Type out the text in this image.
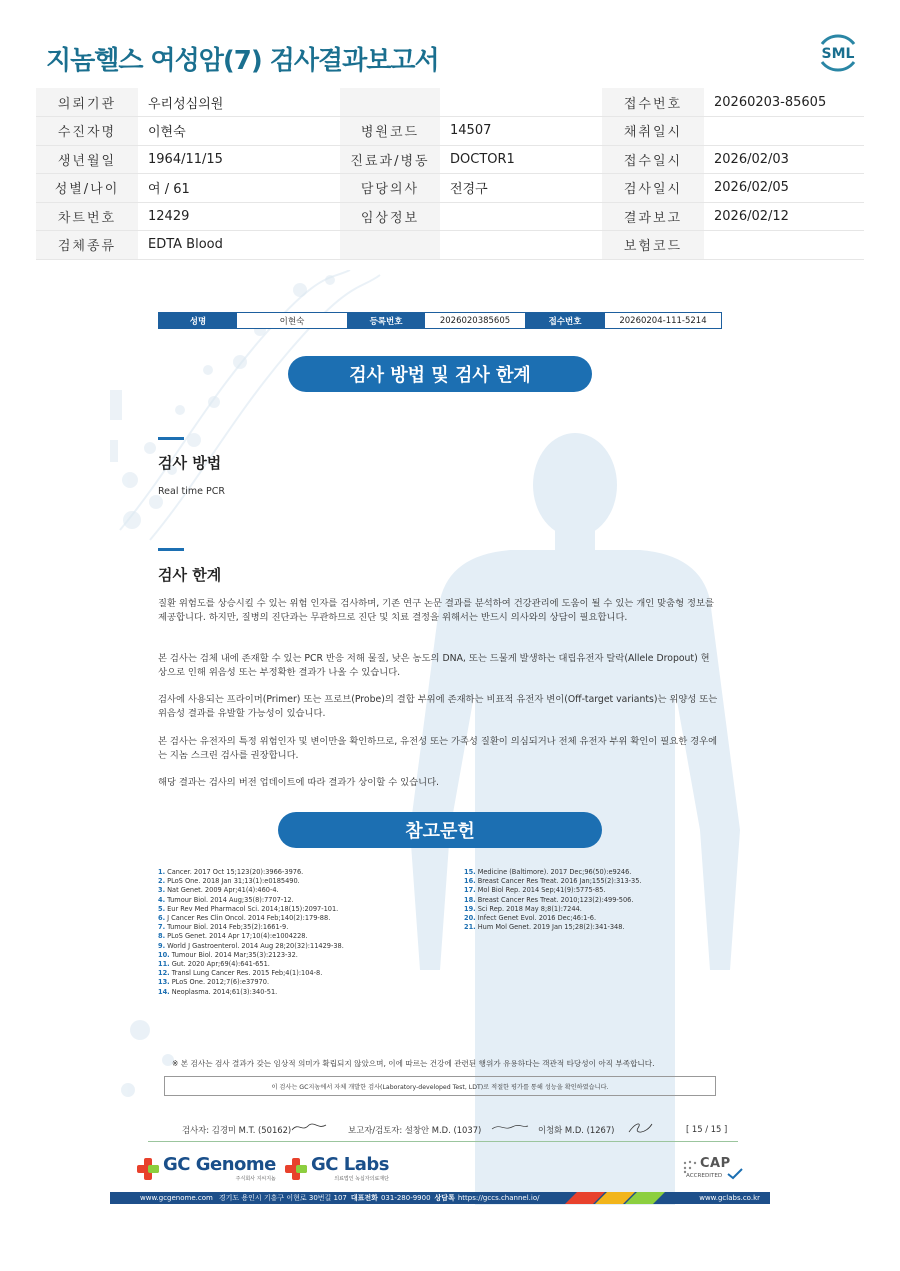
지놈헬스 여성암(7) 검사결과보고서	SML
의뢰기관	우리성심의원			접수번호	20260203-85605
수진자명	이현숙	병원코드	14507	채취일시	
생년월일	1964/11/15	진료과/병동	DOCTOR1	접수일시	2026/02/03
성별/나이	여 / 61	담당의사	전경구	검사일시	2026/02/05
차트번호	12429	임상정보		결과보고	2026/02/12
검체종류	EDTA Blood			보험코드	
성명	이현숙	등록번호	2026020385605	접수번호	20260204-111-5214
검사 방법 및 검사 한계
검사 방법
Real time PCR
검사 한계
질환 위험도를 상승시킬 수 있는 위험 인자를 검사하며, 기존 연구 논문 결과를 분석하여 건강관리에 도움이 될 수 있는 개인 맞춤형 정보를 제공합니다. 하지만, 질병의 진단과는 무관하므로 진단 및 치료 결정을 위해서는 반드시 의사와의 상담이 필요합니다.
본 검사는 검체 내에 존재할 수 있는 PCR 반응 저해 물질, 낮은 농도의 DNA, 또는 드물게 발생하는 대립유전자 탈락(Allele Dropout) 현상으로 인해 위음성 또는 부정확한 결과가 나올 수 있습니다.
검사에 사용되는 프라이머(Primer) 또는 프로브(Probe)의 결합 부위에 존재하는 비표적 유전자 변이(Off-target variants)는 위양성 또는 위음성 결과를 유발할 가능성이 있습니다.
본 검사는 유전자의 특정 위험인자 및 변이만을 확인하므로, 유전성 또는 가족성 질환이 의심되거나 전체 유전자 부위 확인이 필요한 경우에는 지놈 스크린 검사를 권장합니다.
해당 결과는 검사의 버전 업데이트에 따라 결과가 상이할 수 있습니다.
참고문헌
1. Cancer. 2017 Oct 15;123(20):3966-3976.
2. PLoS One. 2018 Jan 31;13(1):e0185490.
3. Nat Genet. 2009 Apr;41(4):460-4.
4. Tumour Biol. 2014 Aug;35(8):7707-12.
5. Eur Rev Med Pharmacol Sci. 2014;18(15):2097-101.
6. J Cancer Res Clin Oncol. 2014 Feb;140(2):179-88.
7. Tumour Biol. 2014 Feb;35(2):1661-9.
8. PLoS Genet. 2014 Apr 17;10(4):e1004228.
9. World J Gastroenterol. 2014 Aug 28;20(32):11429-38.
10. Tumour Biol. 2014 Mar;35(3):2123-32.
11. Gut. 2020 Apr;69(4):641-651.
12. Transl Lung Cancer Res. 2015 Feb;4(1):104-8.
13. PLoS One. 2012;7(6):e37970.
14. Neoplasma. 2014;61(3):340-51.
15. Medicine (Baltimore). 2017 Dec;96(50):e9246.
16. Breast Cancer Res Treat. 2016 Jan;155(2):313-35.
17. Mol Biol Rep. 2014 Sep;41(9):5775-85.
18. Breast Cancer Res Treat. 2010;123(2):499-506.
19. Sci Rep. 2018 May 8;8(1):7244.
20. Infect Genet Evol. 2016 Dec;46:1-6.
21. Hum Mol Genet. 2019 Jan 15;28(2):341-348.
※ 본 검사는 검사 결과가 갖는 임상적 의미가 확립되지 않았으며, 이에 따르는 건강에 관련된 행위가 유용하다는 객관적 타당성이 아직 부족합니다.
이 검사는 GC지놈에서 자체 개발한 검사(Laboratory-developed Test, LDT)로 적절한 평가를 통해 성능을 확인하였습니다.
검사자: 김경미 M.T. (50162)	보고자/검토자: 설창안 M.D. (1037)	이청화 M.D. (1267)	[ 15 / 15 ]
GC Genome
주식회사 지씨지놈
GC Labs
의료법인 녹십자의료재단
CAP
ACCREDITED
www.gcgenome.com 경기도 용인시 기흥구 이현로 30번길 107 대표전화 031-280-9900 상담톡 https://gccs.channel.io/	www.gclabs.co.kr
